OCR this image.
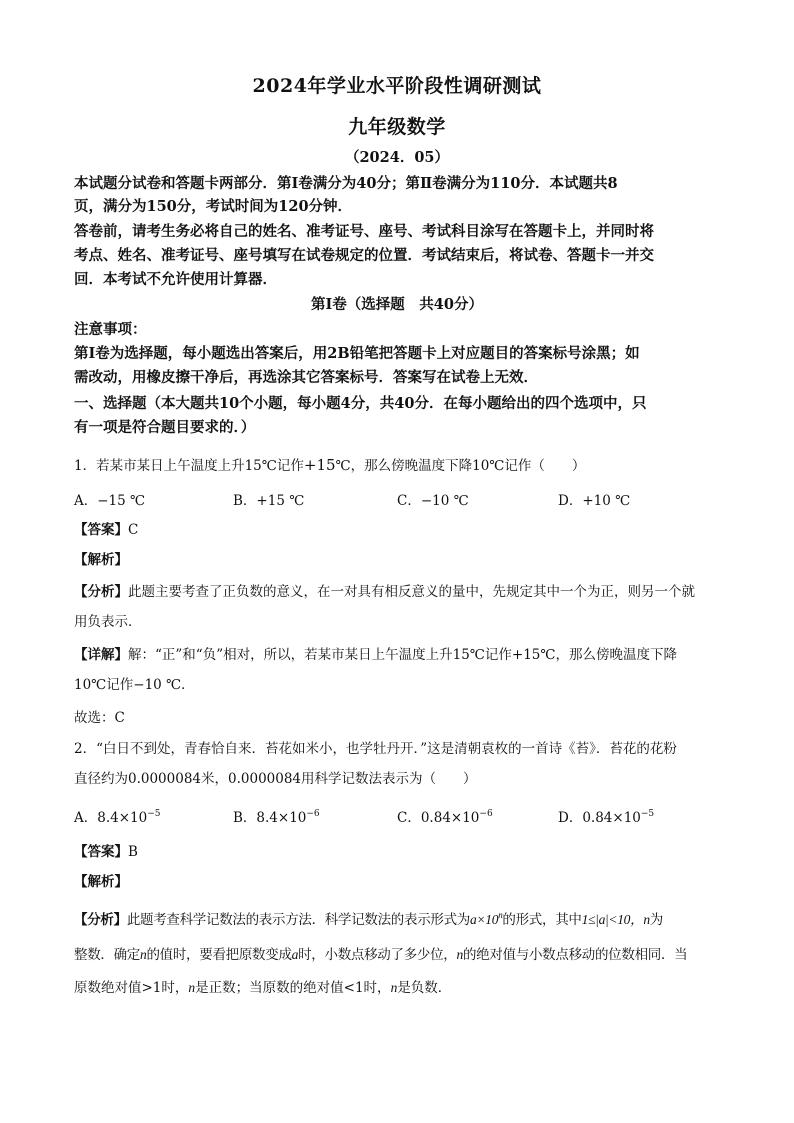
2024年学业水平阶段性调研测试
九年级数学
（2024．05）
本试题分试卷和答题卡两部分．第Ⅰ卷满分为40分；第Ⅱ卷满分为110分．本试题共8
页，满分为150分，考试时间为120分钟．
答卷前，请考生务必将自己的姓名、准考证号、座号、考试科目涂写在答题卡上，并同时将
考点、姓名、准考证号、座号填写在试卷规定的位置．考试结束后，将试卷、答题卡一并交
回．本考试不允许使用计算器．
第Ⅰ卷（选择题　共40分）
注意事项：
第Ⅰ卷为选择题，每小题选出答案后，用2B铅笔把答题卡上对应题目的答案标号涂黑；如
需改动，用橡皮擦干净后，再选涂其它答案标号．答案写在试卷上无效．
一、选择题（本大题共10个小题，每小题4分，共40分．在每小题给出的四个选项中，只
有一项是符合题目要求的．）
1．若某市某日上午温度上升15℃记作+15℃，那么傍晚温度下降10℃记作（　　）
A．−15 ℃	B．+15 ℃	C．−10 ℃	D．+10 ℃
【答案】C
【解析】
【分析】此题主要考查了正负数的意义，在一对具有相反意义的量中，先规定其中一个为正，则另一个就
用负表示．
【详解】解：“正”和“负”相对，所以，若某市某日上午温度上升15℃记作+15℃，那么傍晚温度下降
10℃记作−10 ℃．
故选：C
2．“白日不到处，青春恰自来．苔花如米小，也学牡丹开．”这是清朝袁枚的一首诗《苔》．苔花的花粉
直径约为0.0000084米，0.0000084用科学记数法表示为（　　）
A．$8.4\times 10^{-5}$	B．$8.4\times 10^{-6}$	C．$0.84\times 10^{-6}$	D．$0.84\times 10^{-5}$
【答案】B
【解析】
【分析】此题考查科学记数法的表示方法．科学记数法的表示形式为$a\times 10^n$的形式，其中1≤|a|<10，n为
整数．确定n的值时，要看把原数变成a时，小数点移动了多少位，n的绝对值与小数点移动的位数相同．当
原数绝对值>1时，n是正数；当原数的绝对值<1时，n是负数．
